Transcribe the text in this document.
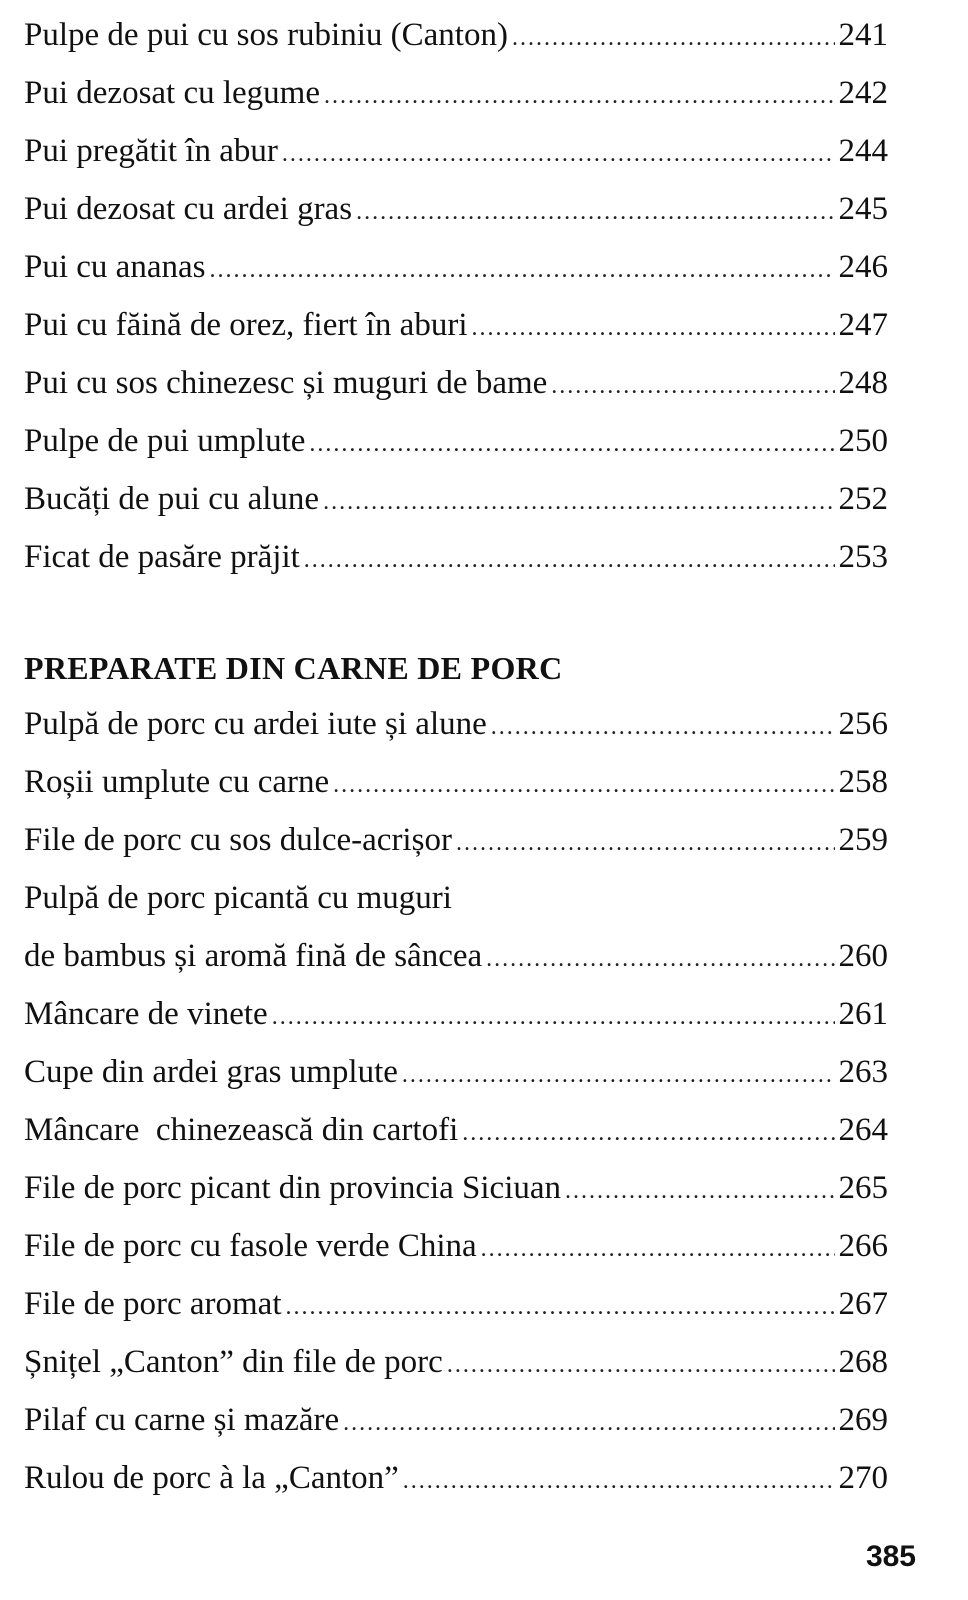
Pulpe de pui cu sos rubiniu (Canton) .....	241
Pui dezosat cu legume .....	242
Pui pregătit în abur .....	244
Pui dezosat cu ardei gras .....	245
Pui cu ananas .....	246
Pui cu făină de orez, fiert în aburi .....	247
Pui cu sos chinezesc și muguri de bame .....	248
Pulpe de pui umplute .....	250
Bucăți de pui cu alune .....	252
Ficat de pasăre prăjit .....	253
PREPARATE DIN CARNE DE PORC
Pulpă de porc cu ardei iute și alune .....	256
Roșii umplute cu carne .....	258
File de porc cu sos dulce-acrișor .....	259
Pulpă de porc picantă cu muguri
de bambus și aromă fină de sâncea .....	260
Mâncare de vinete .....	261
Cupe din ardei gras umplute .....	263
Mâncare  chinezească din cartofi .....	264
File de porc picant din provincia Siciuan .....	265
File de porc cu fasole verde China .....	266
File de porc aromat .....	267
Șnițel „Canton” din file de porc .....	268
Pilaf cu carne și mazăre .....	269
Rulou de porc à la „Canton” .....	270
385
